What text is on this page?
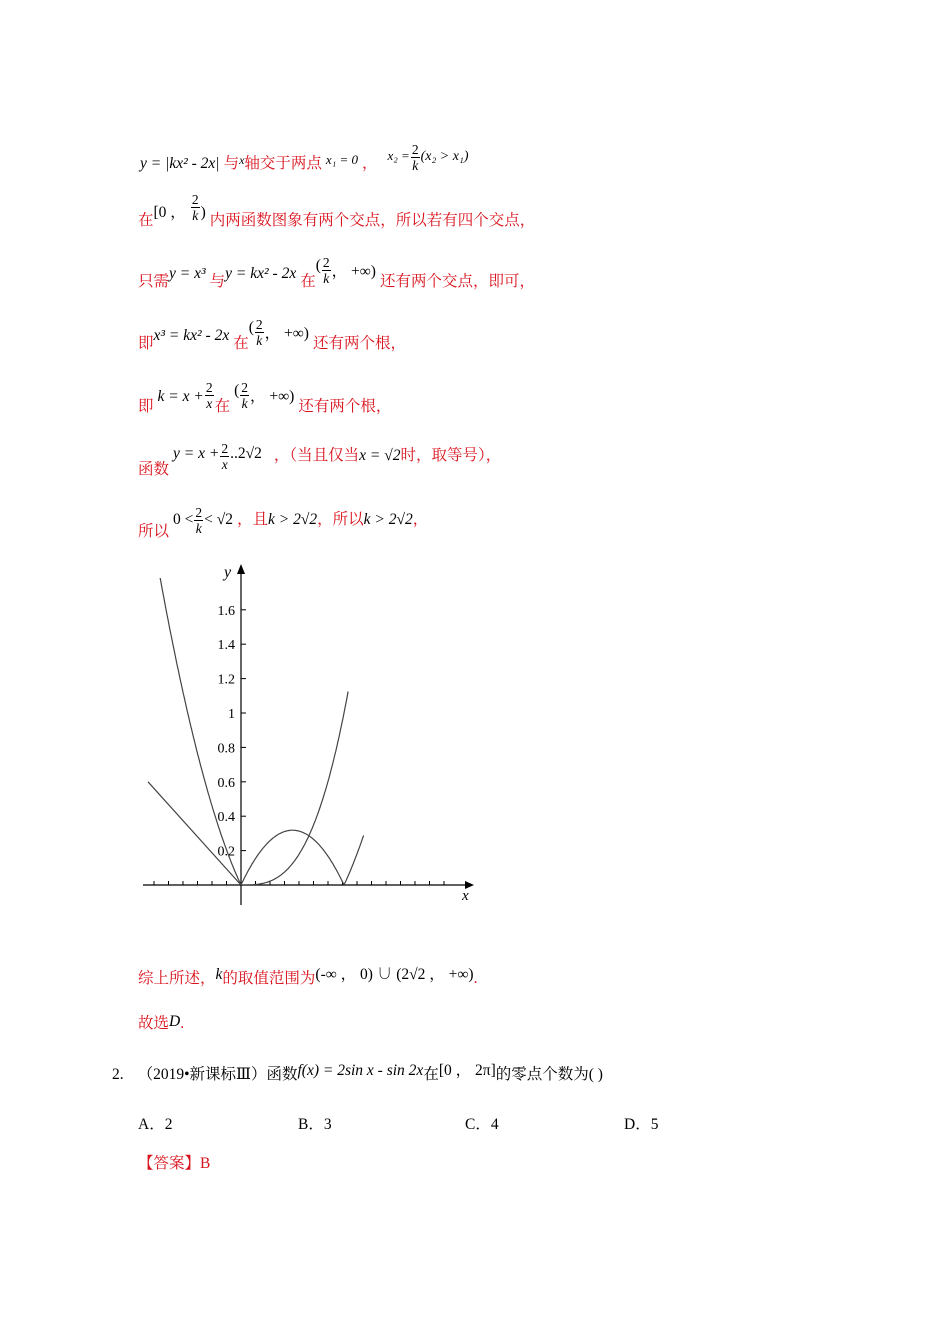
y = |kx² - 2x| 与$^x$轴交于两点 $^{x_1 = 0}$ ， $^{x_2 =} \frac{2}{k} (x_2 > x_1)$
在[0 ， $\frac{2}{k}$ ) 内两函数图象有两个交点，所以若有四个交点，
只需y = x³ 与y = kx² - 2x 在( $\frac{2}{k}$ ， +∞) 还有两个交点，即可，
即x³ = kx² - 2x 在( $\frac{2}{k}$ ， +∞) 还有两个根，
即 $k = x + \frac{2}{x}$ 在 ( $\frac{2}{k}$ ， +∞) 还有两个根，
函数 $y = x + \frac{2}{x} ..2√2$ ，（当且仅当x = √2时，取等号），
所以 $0 < \frac{2}{k} < √2$ ，且k > 2√2，所以k > 2√2，
0.2
0.4
0.6
0.8
1
1.2
1.4
1.6
x
y
综上所述，k的取值范围为(-∞ ， 0) ∪ (2√2 ， +∞).
故选D.
2. （2019•新课标Ⅲ）函数f(x) = 2sin x - sin 2x在[0 ， 2π]的零点个数为( )
A．2	B．3	C．4	D．5
【答案】B
